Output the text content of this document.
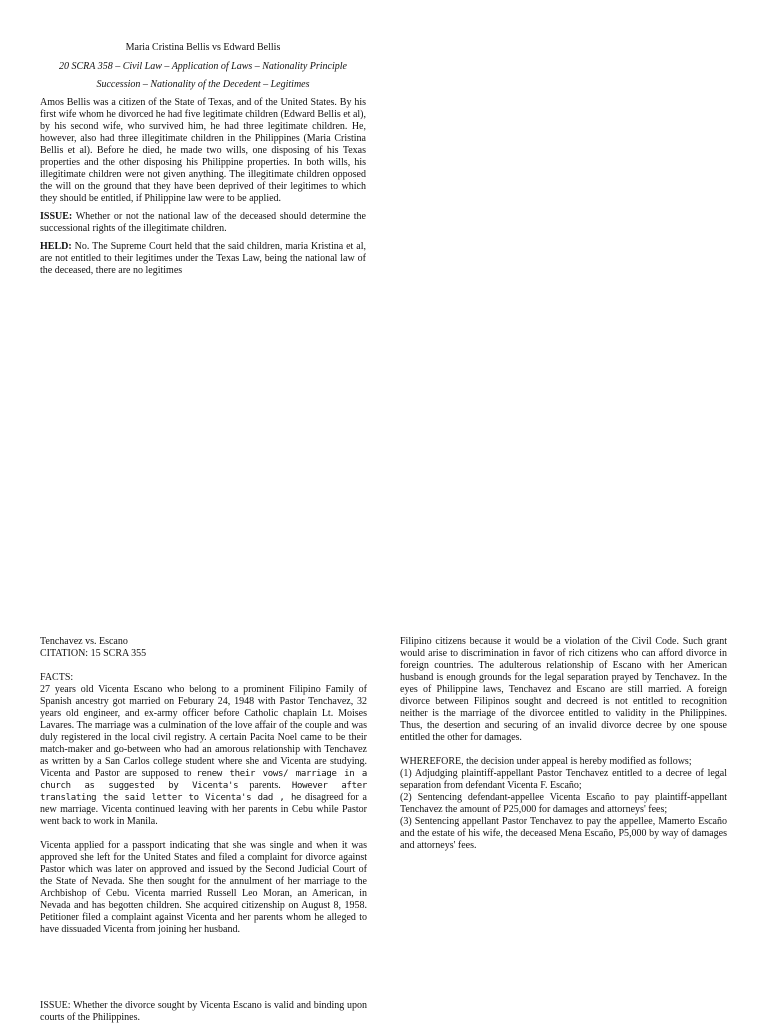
Maria Cristina Bellis vs Edward Bellis

20 SCRA 358 – Civil Law – Application of Laws – Nationality Principle

Succession – Nationality of the Decedent – Legitimes

Amos Bellis was a citizen of the State of Texas, and of the United States. By his first wife whom he divorced he had five legitimate children (Edward Bellis et al), by his second wife, who survived him, he had three legitimate children. He, however, also had three illegitimate children in the Philippines (Maria Cristina Bellis et al). Before he died, he made two wills, one disposing of his Texas properties and the other disposing his Philippine properties. In both wills, his illegitimate children were not given anything. The illegitimate children opposed the will on the ground that they have been deprived of their legitimes to which they should be entitled, if Philippine law were to be applied.

ISSUE: Whether or not the national law of the deceased should determine the successional rights of the illegitimate children.

HELD: No. The Supreme Court held that the said children, maria Kristina et al, are not entitled to their legitimes under the Texas Law, being the national law of the deceased, there are no legitimes

Tenchavez vs. Escano

CITATION: 15 SCRA 355

FACTS:

27 years old Vicenta Escano who belong to a prominent Filipino Family of Spanish ancestry got married on Feburary 24, 1948 with Pastor Tenchavez, 32 years old engineer, and ex-army officer before Catholic chaplain Lt. Moises Lavares. The marriage was a culmination of the love affair of the couple and was duly registered in the local civil registry. A certain Pacita Noel came to be their match-maker and go-between who had an amorous relationship with Tenchavez as written by a San Carlos college student where she and Vicenta are studying. Vicenta and Pastor are supposed to renew their vows/ marriage in a church as suggested by Vicenta's parents. However after translating the said letter to Vicenta's dad , he disagreed for a new marriage. Vicenta continued leaving with her parents in Cebu while Pastor went back to work in Manila.

Vicenta applied for a passport indicating that she was single and when it was approved she left for the United States and filed a complaint for divorce against Pastor which was later on approved and issued by the Second Judicial Court of the State of Nevada. She then sought for the annulment of her marriage to the Archbishop of Cebu. Vicenta married Russell Leo Moran, an American, in Nevada and has begotten children. She acquired citizenship on August 8, 1958. Petitioner filed a complaint against Vicenta and her parents whom he alleged to have dissuaded Vicenta from joining her husband.

ISSUE: Whether the divorce sought by Vicenta Escano is valid and binding upon courts of the Philippines.

Filipino citizens because it would be a violation of the Civil Code. Such grant would arise to discrimination in favor of rich citizens who can afford divorce in foreign countries. The adulterous relationship of Escano with her American husband is enough grounds for the legal separation prayed by Tenchavez. In the eyes of Philippine laws, Tenchavez and Escano are still married. A foreign divorce between Filipinos sought and decreed is not entitled to recognition neither is the marriage of the divorcee entitled to validity in the Philippines. Thus, the desertion and securing of an invalid divorce decree by one spouse entitled the other for damages.

WHEREFORE, the decision under appeal is hereby modified as follows;

(1) Adjudging plaintiff-appellant Pastor Tenchavez entitled to a decree of legal separation from defendant Vicenta F. Escaño;

(2) Sentencing defendant-appellee Vicenta Escaño to pay plaintiff-appellant Tenchavez the amount of P25,000 for damages and attorneys' fees;

(3) Sentencing appellant Pastor Tenchavez to pay the appellee, Mamerto Escaño and the estate of his wife, the deceased Mena Escaño, P5,000 by way of damages and attorneys' fees.
